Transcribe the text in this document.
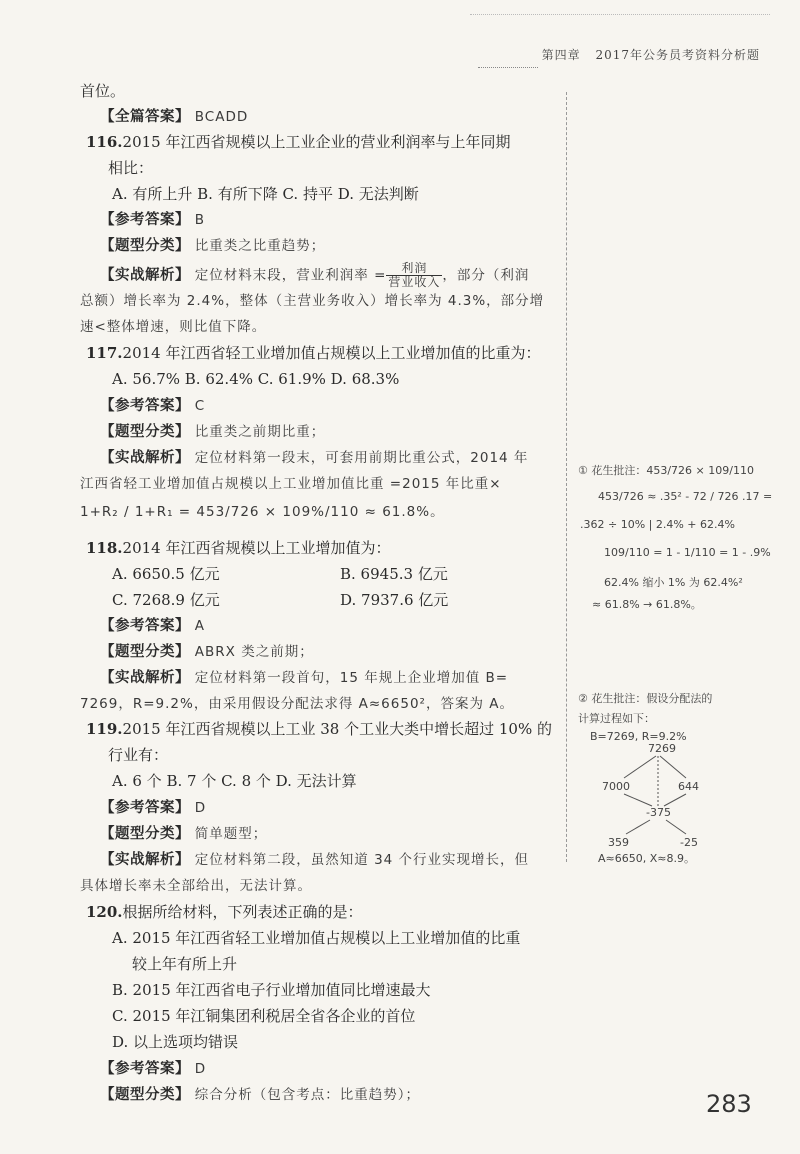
第四章 2017年公务员考资料分析题
首位。
【全篇答案】 BCADD
116.2015 年江西省规模以上工业企业的营业利润率与上年同期
相比：
A. 有所上升 B. 有所下降 C. 持平 D. 无法判断
【参考答案】 B
【题型分类】 比重类之比重趋势；
【实战解析】 定位材料末段，营业利润率 = $\frac{\text{利润}}{\text{营业收入}}$ ，部分（利润
总额）增长率为 2.4%，整体（主营业务收入）增长率为 4.3%，部分增
速<整体增速，则比值下降。
117.2014 年江西省轻工业增加值占规模以上工业增加值的比重为：
A. 56.7% B. 62.4% C. 61.9% D. 68.3%
【参考答案】 C
【题型分类】 比重类之前期比重；
【实战解析】 定位材料第一段末，可套用前期比重公式，2014 年
江西省轻工业增加值占规模以上工业增加值比重 =2015 年比重×
1+R₂ / 1+R₁ = 453/726 × 109%/110 ≈ 61.8%。
118.2014 年江西省规模以上工业增加值为：
A. 6650.5 亿元	B. 6945.3 亿元
C. 7268.9 亿元	D. 7937.6 亿元
【参考答案】 A
【题型分类】 ABRX 类之前期；
【实战解析】 定位材料第一段首句，15 年规上企业增加值 B=
7269，R=9.2%，由采用假设分配法求得 A≈6650²，答案为 A。
119.2015 年江西省规模以上工业 38 个工业大类中增长超过 10% 的
行业有：
A. 6 个 B. 7 个 C. 8 个 D. 无法计算
【参考答案】 D
【题型分类】 简单题型；
【实战解析】 定位材料第二段，虽然知道 34 个行业实现增长，但
具体增长率未全部给出，无法计算。
120.根据所给材料，下列表述正确的是：
A. 2015 年江西省轻工业增加值占规模以上工业增加值的比重
较上年有所上升
B. 2015 年江西省电子行业增加值同比增速最大
C. 2015 年江铜集团利税居全省各企业的首位
D. 以上选项均错误
【参考答案】 D
【题型分类】 综合分析（包含考点：比重趋势）；
① 花生批注：453/726 × 109/110
453/726 ≈ .35² - 72 / 726 .17 =
.362 ÷ 10% | 2.4% + 62.4%
109/110 = 1 - 1/110 = 1 - .9%
62.4% 缩小 1% 为 62.4%²
≈ 61.8% → 61.8%。
② 花生批注：假设分配法的
计算过程如下：
B=7269, R=9.2%
7269
7000	644
-375
359	-25
A≈6650, X≈8.9。
283
